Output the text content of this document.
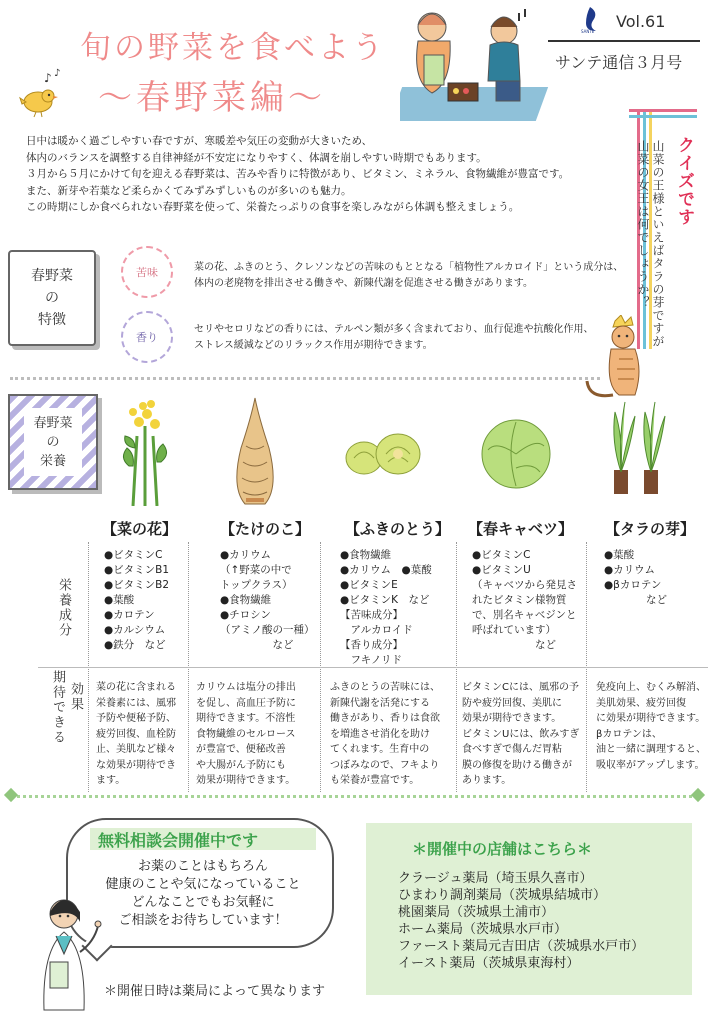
旬の野菜を食べよう
～春野菜編～
♪ ♪
SANTE
Vol.61
サンテ通信３月号
日中は暖かく過ごしやすい春ですが、寒暖差や気圧の変動が大きいため、
体内のバランスを調整する自律神経が不安定になりやすく、体調を崩しやすい時期でもあります。
３月から５月にかけて旬を迎える春野菜は、苦みや香りに特徴があり、ビタミン、ミネラル、食物繊維が豊富です。
また、新芽や若葉など柔らかくてみずみずしいものが多いのも魅力。
この時期にしか食べられない春野菜を使って、栄養たっぷりの食事を楽しみながら体調も整えましょう。	クイズです
山菜の王様といえばタラの芽ですが
山菜の女王は何でしょうか？
春野菜
の
特徴
苦味
香り
菜の花、ふきのとう、クレソンなどの苦味のもととなる「植物性アルカロイド」という成分は、
体内の老廃物を排出させる働きや、新陳代謝を促進させる働きがあります。
セリやセロリなどの香りには、テルペン類が多く含まれており、血行促進や抗酸化作用、
ストレス緩減などのリラックス作用が期待できます。
春野菜
の
栄養
【菜の花】	【たけのこ】 【ふきのとう】 【春キャベツ】 【タラの芽】
栄養成分
期待できる 効果
●ビタミンC
●ビタミンB1
●ビタミンB2
●葉酸
●カロテン
●カルシウム
●鉄分　など
●カリウム
（↑野菜の中で
トップクラス）
●食物繊維
●チロシン
（アミノ酸の一種）
　　　　　など
●食物繊維
●カリウム　●葉酸
●ビタミンE
●ビタミンK　など
【苦味成分】
　アルカロイド
【香り成分】
　フキノリド
●ビタミンC
●ビタミンU
（キャベツから発見さ
れたビタミン様物質
で、別名キャベジンと
呼ばれています）
　　　　　　など
●葉酸
●カリウム
●βカロテン
　　　　など
菜の花に含まれる
栄養素には、風邪
予防や便秘予防、
疲労回復、血栓防
止、美肌など様々
な効果が期待でき
ます。
カリウムは塩分の排出
を促し、高血圧予防に
期待できます。不溶性
食物繊維のセルロース
が豊富で、便秘改善
や大腸がん予防にも
効果が期待できます。
ふきのとうの苦味には、
新陳代謝を活発にする
働きがあり、香りは食欲
を増進させ消化を助け
てくれます。生育中の
つぼみなので、フキより
も栄養が豊富です。
ビタミンCには、風邪の予
防や疲労回復、美肌に
効果が期待できます。
ビタミンUには、飲みすぎ
食べすぎで傷んだ胃粘
膜の修復を助ける働きが
あります。
免疫向上、むくみ解消、
美肌効果、疲労回復
に効果が期待できます。
βカロテンは、
油と一緒に調理すると、
吸収率がアップします。
無料相談会開催中です
お薬のことはもちろん
健康のことや気になっていること
どんなことでもお気軽に
ご相談をお待ちしています！
＊開催日時は薬局によって異なります
＊開催中の店舗はこちら＊
クラージュ薬局（埼玉県久喜市）
ひまわり調剤薬局（茨城県結城市）
桃園薬局（茨城県土浦市）
ホーム薬局（茨城県水戸市）
ファースト薬局元吉田店（茨城県水戸市）
イースト薬局（茨城県東海村）
